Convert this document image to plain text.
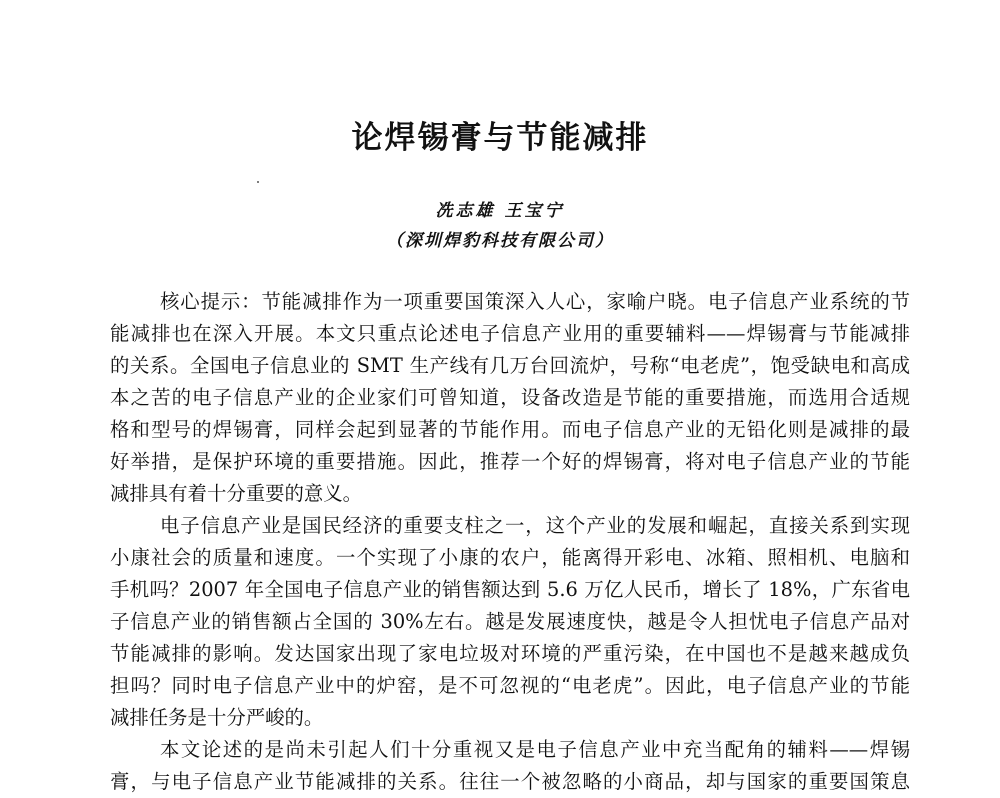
论焊锡膏与节能减排

冼志雄 王宝宁

（深圳焊豹科技有限公司）

核心提示：节能减排作为一项重要国策深入人心，家喻户晓。电子信息产业系统的节
能减排也在深入开展。本文只重点论述电子信息产业用的重要辅料——焊锡膏与节能减排
的关系。全国电子信息业的 SMT 生产线有几万台回流炉，号称“电老虎”，饱受缺电和高成
本之苦的电子信息产业的企业家们可曾知道，设备改造是节能的重要措施，而选用合适规
格和型号的焊锡膏，同样会起到显著的节能作用。而电子信息产业的无铅化则是减排的最
好举措，是保护环境的重要措施。因此，推荐一个好的焊锡膏，将对电子信息产业的节能
减排具有着十分重要的意义。
电子信息产业是国民经济的重要支柱之一，这个产业的发展和崛起，直接关系到实现
小康社会的质量和速度。一个实现了小康的农户，能离得开彩电、冰箱、照相机、电脑和
手机吗？2007 年全国电子信息产业的销售额达到 5.6 万亿人民币，增长了 18%，广东省电
子信息产业的销售额占全国的 30%左右。越是发展速度快，越是令人担忧电子信息产品对
节能减排的影响。发达国家出现了家电垃圾对环境的严重污染，在中国也不是越来越成负
担吗？同时电子信息产业中的炉窑，是不可忽视的“电老虎”。因此，电子信息产业的节能
减排任务是十分严峻的。
本文论述的是尚未引起人们十分重视又是电子信息产业中充当配角的辅料——焊锡
膏，与电子信息产业节能减排的关系。往往一个被忽略的小商品，却与国家的重要国策息
